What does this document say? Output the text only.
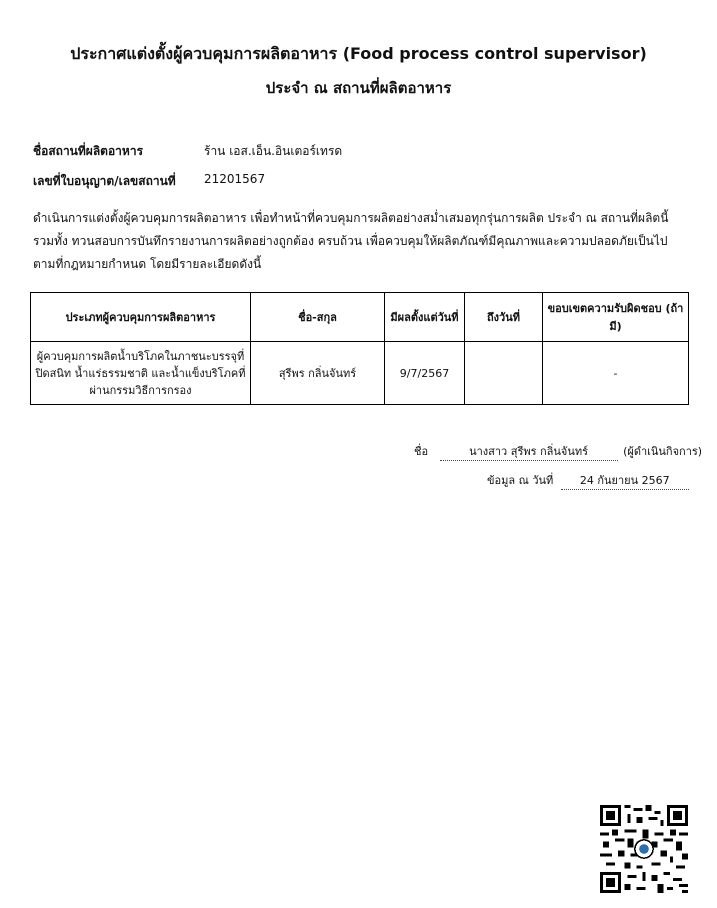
ประกาศแต่งตั้งผู้ควบคุมการผลิตอาหาร (Food process control supervisor)
ประจำ ณ สถานที่ผลิตอาหาร
ชื่อสถานที่ผลิตอาหาร	ร้าน เอส.เอ็น.อินเตอร์เทรด
เลขที่ใบอนุญาต/เลขสถานที่ 21201567
ดำเนินการแต่งตั้งผู้ควบคุมการผลิตอาหาร เพื่อทำหน้าที่ควบคุมการผลิตอย่างสม่ำเสมอทุกรุ่นการผลิต ประจำ ณ สถานที่ผลิตนี้ รวมทั้ง ทวนสอบการบันทึกรายงานการผลิตอย่างถูกต้อง ครบถ้วน เพื่อควบคุมให้ผลิตภัณฑ์มีคุณภาพและความปลอดภัยเป็นไปตามที่กฎหมายกำหนด โดยมีรายละเอียดดังนี้
ประเภทผู้ควบคุมการผลิตอาหาร	ชื่อ-สกุล	มีผลตั้งแต่วันที่	ถึงวันที่	ขอบเขตความรับผิดชอบ (ถ้ามี)
ผู้ควบคุมการผลิตน้ำบริโภคในภาชนะบรรจุที่ปิดสนิท น้ำแร่ธรรมชาติ และน้ำแข็งบริโภคที่ผ่านกรรมวิธีการกรอง	สุรีพร กลิ่นจันทร์	9/7/2567		-
ชื่อ	นางสาว สุรีพร กลิ่นจันทร์	(ผู้ดำเนินกิจการ)
ข้อมูล ณ วันที่ 24 กันยายน 2567
